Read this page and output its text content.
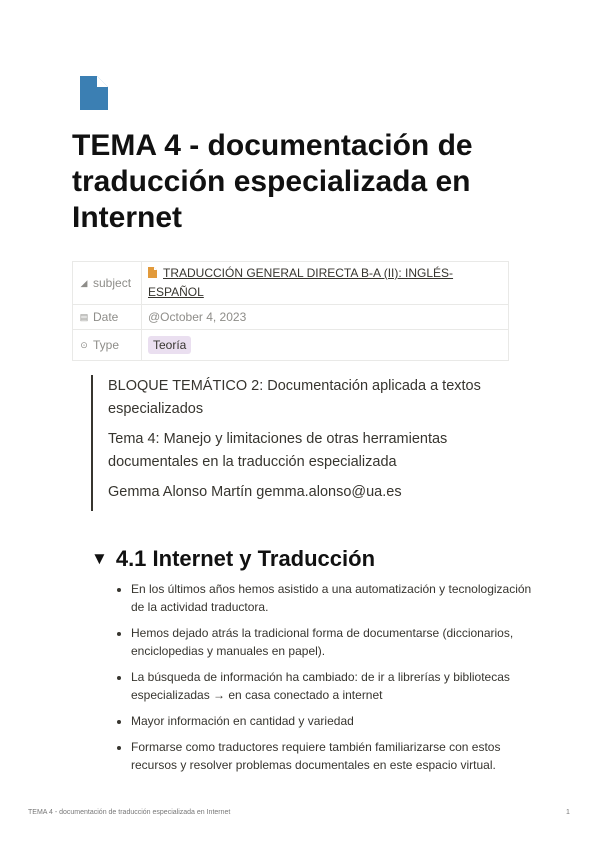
TEMA 4 - documentación de traducción especializada en Internet
◢ subject	TRADUCCIÓN GENERAL DIRECTA B-A (II): INGLÉS-ESPAÑOL
▤ Date	@October 4, 2023
⊙ Type	Teoría

BLOQUE TEMÁTICO 2: Documentación aplicada a textos especializados

Tema 4: Manejo y limitaciones de otras herramientas documentales en la traducción especializada

Gemma Alonso Martín gemma.alonso@ua.es

▼ 4.1 Internet y Traducción
• En los últimos años hemos asistido a una automatización y tecnologización de la actividad traductora.
• Hemos dejado atrás la tradicional forma de documentarse (diccionarios, enciclopedias y manuales en papel).
• La búsqueda de información ha cambiado: de ir a librerías y bibliotecas especializadas → en casa conectado a internet
• Mayor información en cantidad y variedad
• Formarse como traductores requiere también familiarizarse con estos recursos y resolver problemas documentales en este espacio virtual.
TEMA 4 - documentación de traducción especializada en Internet	1
